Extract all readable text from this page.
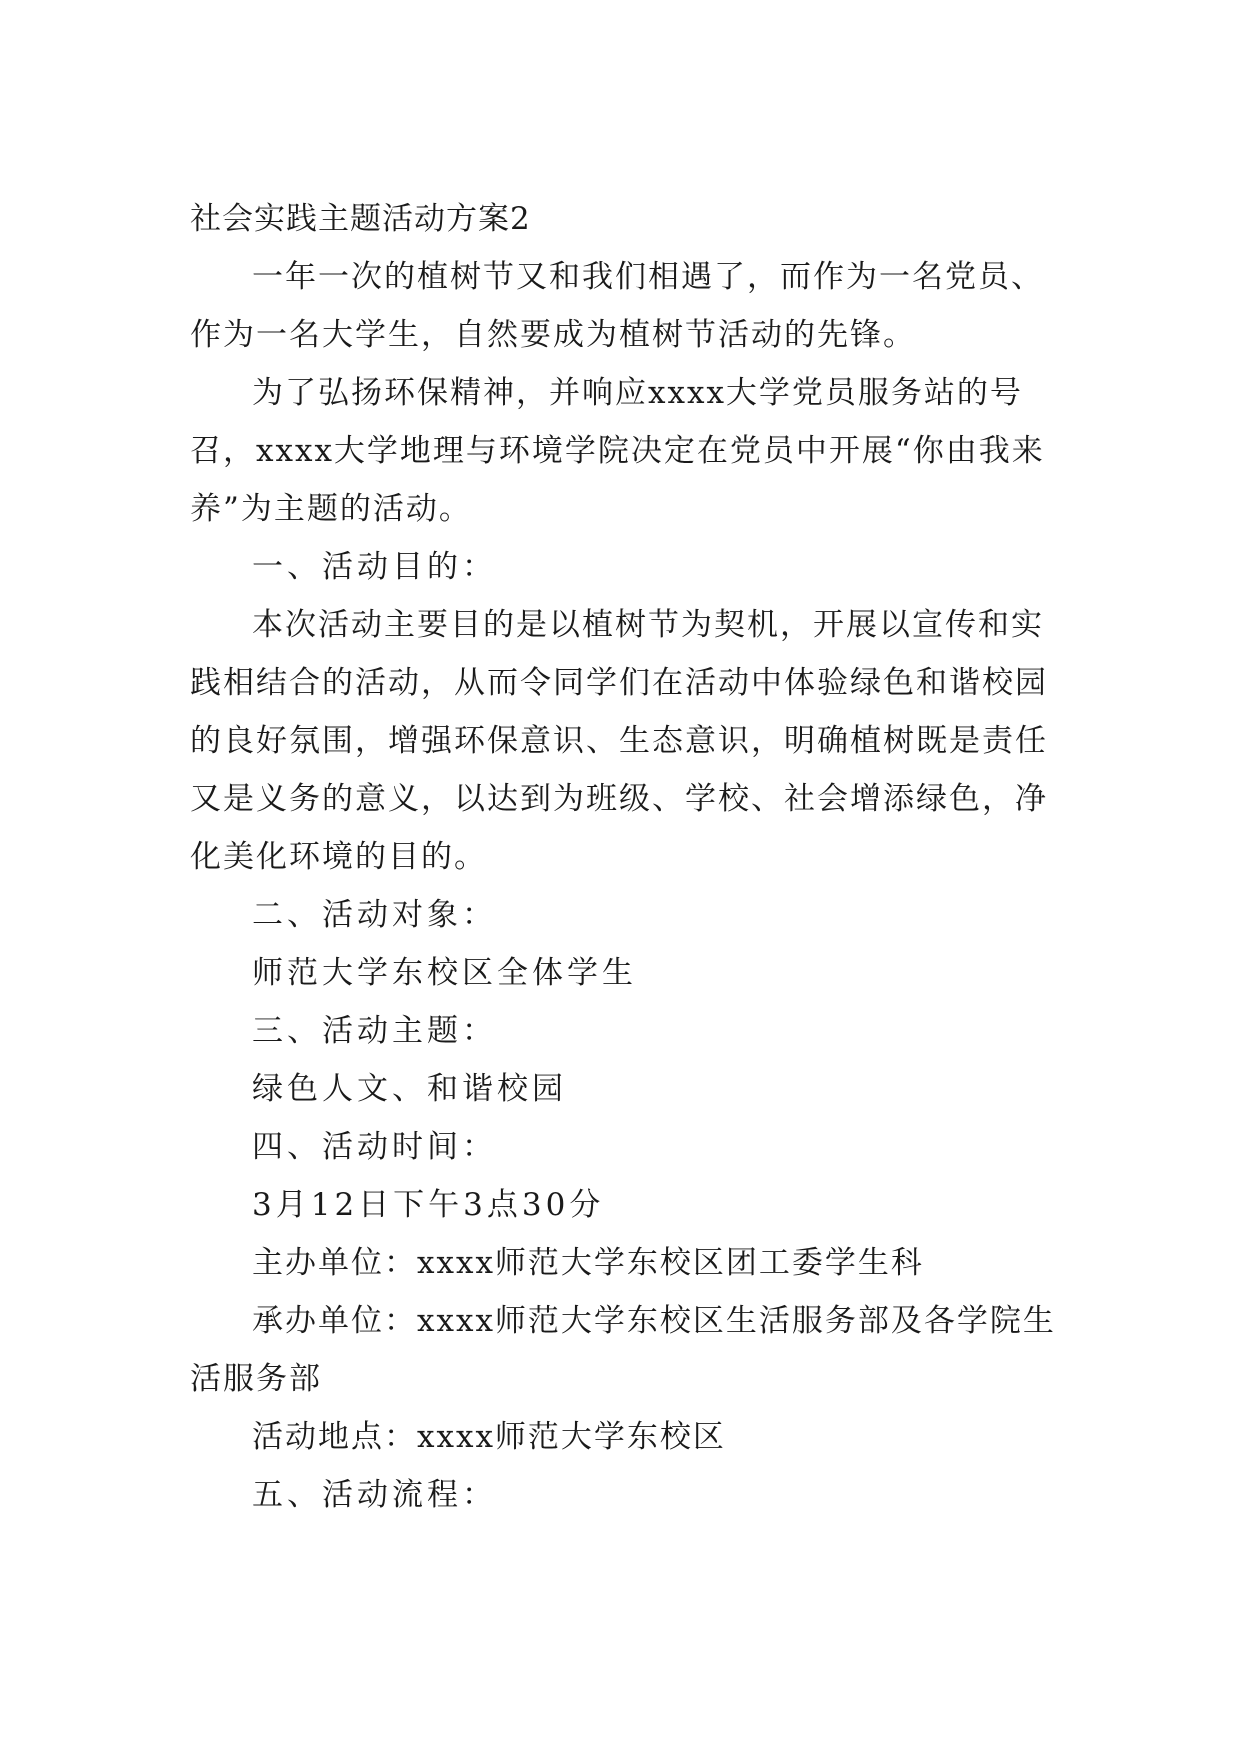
社会实践主题活动方案2

一年一次的植树节又和我们相遇了，而作为一名党员、作为一名大学生，自然要成为植树节活动的先锋。

为了弘扬环保精神，并响应xxxx大学党员服务站的号召，xxxx大学地理与环境学院决定在党员中开展“你由我来养”为主题的活动。

一、活动目的：

本次活动主要目的是以植树节为契机，开展以宣传和实践相结合的活动，从而令同学们在活动中体验绿色和谐校园的良好氛围，增强环保意识、生态意识，明确植树既是责任又是义务的意义，以达到为班级、学校、社会增添绿色，净化美化环境的目的。

二、活动对象：

师范大学东校区全体学生

三、活动主题：

绿色人文、和谐校园

四、活动时间：

3月12日下午3点30分

主办单位：xxxx师范大学东校区团工委学生科

承办单位：xxxx师范大学东校区生活服务部及各学院生活服务部

活动地点：xxxx师范大学东校区

五、活动流程：
